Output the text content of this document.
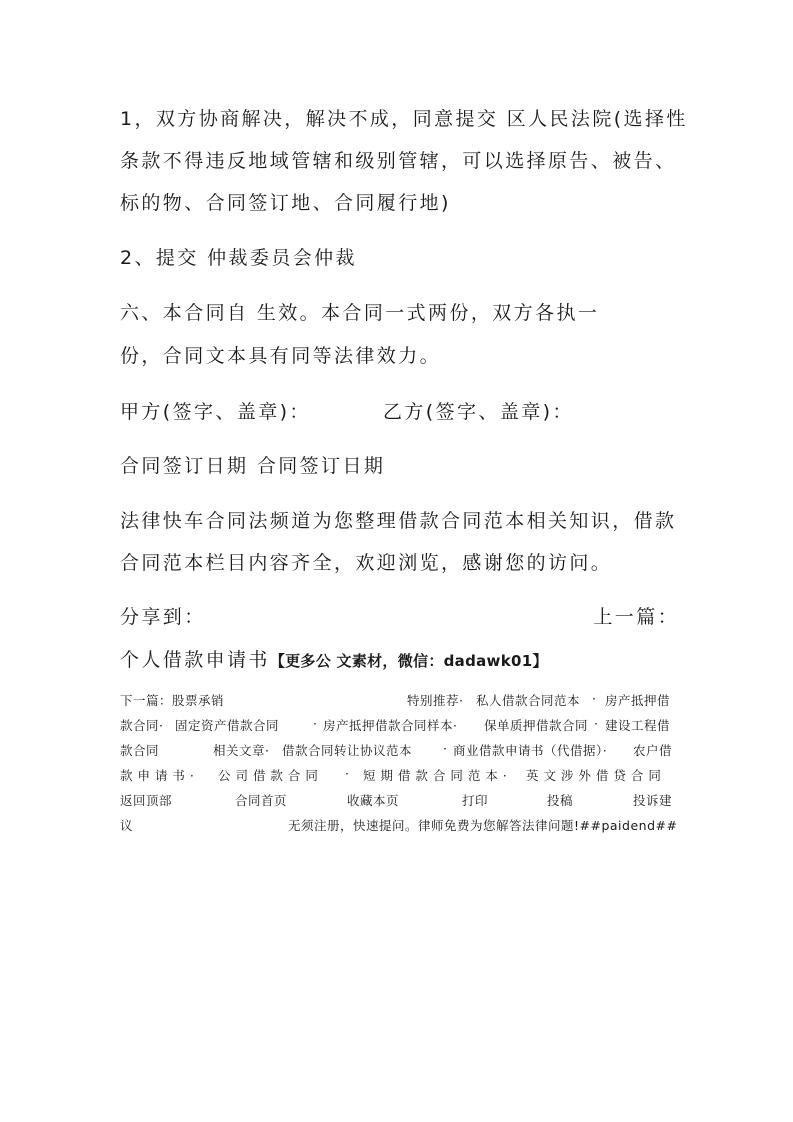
1，双方协商解决，解决不成，同意提交 区人民法院(选择性
条款不得违反地域管辖和级别管辖，可以选择原告、被告、
标的物、合同签订地、合同履行地)
2、提交 仲裁委员会仲裁
六、本合同自 生效。本合同一式两份，双方各执一
份，合同文本具有同等法律效力。
甲方(签字、盖章)：	乙方(签字、盖章)：
合同签订日期 合同签订日期
法律快车合同法频道为您整理借款合同范本相关知识，借款
合同范本栏目内容齐全，欢迎浏览，感谢您的访问。
分享到：	上一篇：
个人借款申请书【更多公 文素材，微信：dadawk01】
下一篇：股票承销	特别推荐· 私人借款合同范本 · 房产抵押借
款合同· 固定资产借款合同	· 房产抵押借款合同样本· 保单质押借款合同 · 建设工程借
款合同	相关文章· 借款合同转让协议范本 · 商业借款申请书（代借据）· 农户借
款 申 请 书 · 公 司 借 款 合 同 · 短 期 借 款 合 同 范 本 · 英 文 涉 外 借 贷 合 同
返回顶部	合同首页	收藏本页	打印	投稿	投诉建
议	无须注册，快速提问。律师免费为您解答法律问题!##paidend##
